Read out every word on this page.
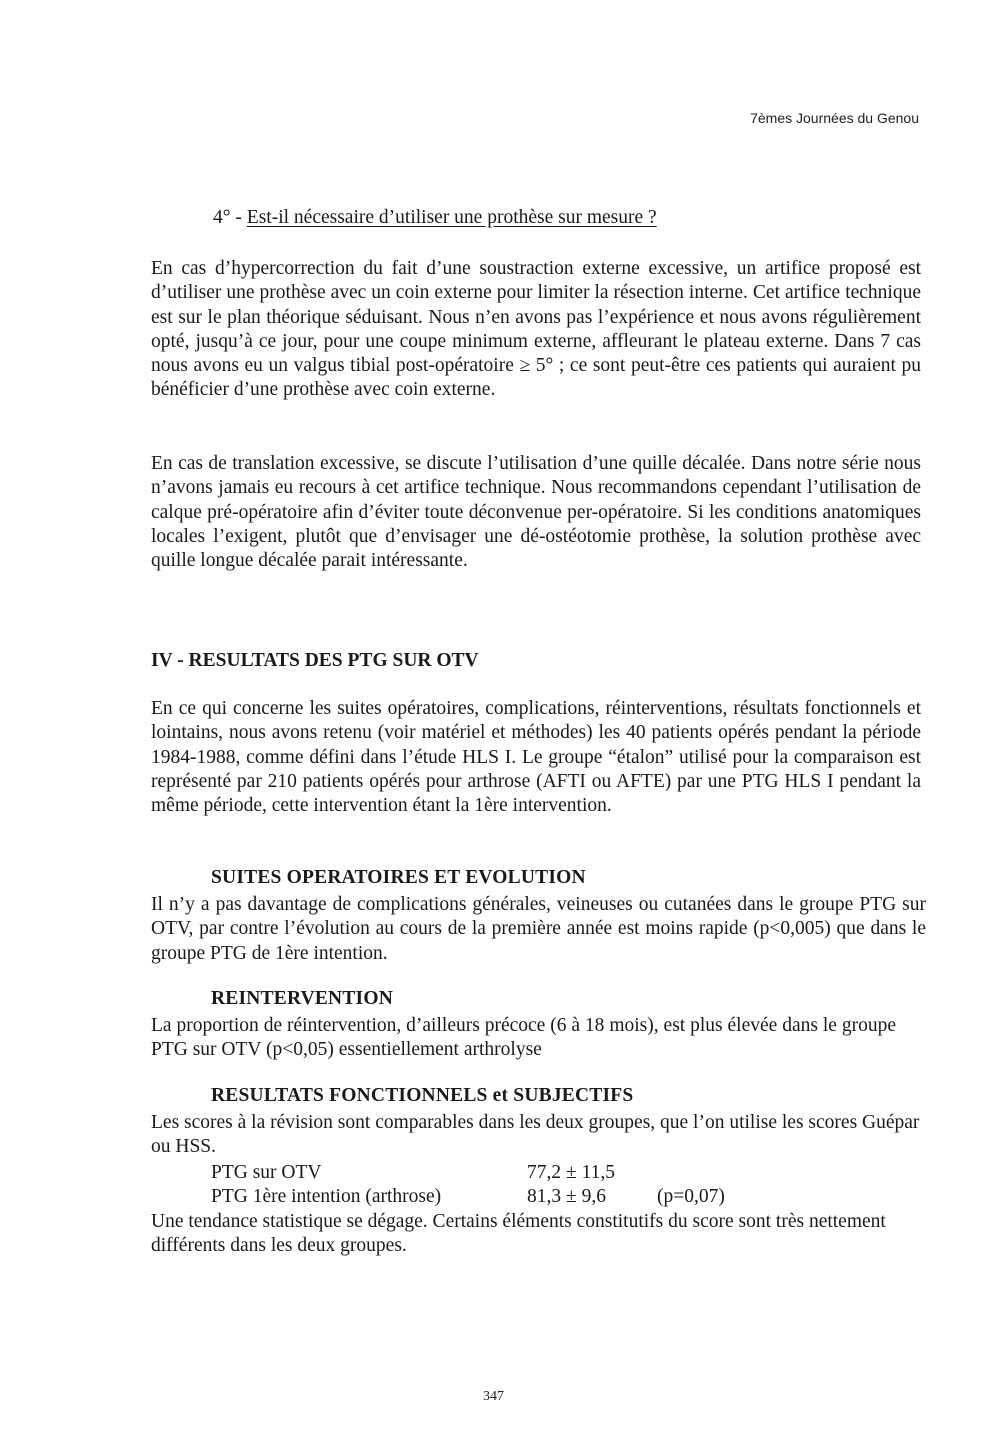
7èmes Journées du Genou
4° - Est-il nécessaire d’utiliser une prothèse sur mesure ?

En cas d’hypercorrection du fait d’une soustraction externe excessive, un artifice proposé est d’utiliser une prothèse avec un coin externe pour limiter la résection interne. Cet artifice technique est sur le plan théorique séduisant. Nous n’en avons pas l’expérience et nous avons régulièrement opté, jusqu’à ce jour, pour une coupe minimum externe, affleurant le plateau externe. Dans 7 cas nous avons eu un valgus tibial post-opératoire ≥ 5° ; ce sont peut-être ces patients qui auraient pu bénéficier d’une prothèse avec coin externe.

En cas de translation excessive, se discute l’utilisation d’une quille décalée. Dans notre série nous n’avons jamais eu recours à cet artifice technique. Nous recommandons cependant l’utilisation de calque pré-opératoire afin d’éviter toute déconvenue per-opératoire. Si les conditions anatomiques locales l’exigent, plutôt que d’envisager une dé-ostéotomie prothèse, la solution prothèse avec quille longue décalée parait intéressante.

IV - RESULTATS DES PTG SUR OTV

En ce qui concerne les suites opératoires, complications, réinterventions, résultats fonctionnels et lointains, nous avons retenu (voir matériel et méthodes) les 40 patients opérés pendant la période 1984-1988, comme défini dans l’étude HLS I. Le groupe “étalon” utilisé pour la comparaison est représenté par 210 patients opérés pour arthrose (AFTI ou AFTE) par une PTG HLS I pendant la même période, cette intervention étant la 1ère intervention.

SUITES OPERATOIRES ET EVOLUTION

Il n’y a pas davantage de complications générales, veineuses ou cutanées dans le groupe PTG sur OTV, par contre l’évolution au cours de la première année est moins rapide (p<0,005) que dans le groupe PTG de 1ère intention.

REINTERVENTION

La proportion de réintervention, d’ailleurs précoce (6 à 18 mois), est plus élevée dans le groupe PTG sur OTV (p<0,05) essentiellement arthrolyse

RESULTATS FONCTIONNELS et SUBJECTIFS

Les scores à la révision sont comparables dans les deux groupes, que l’on utilise les scores Guépar ou HSS.

PTG sur OTV	77,2 ± 11,5
PTG 1ère intention (arthrose)	81,3 ± 9,6	(p=0,07)

Une tendance statistique se dégage. Certains éléments constitutifs du score sont très nettement différents dans les deux groupes.

347
